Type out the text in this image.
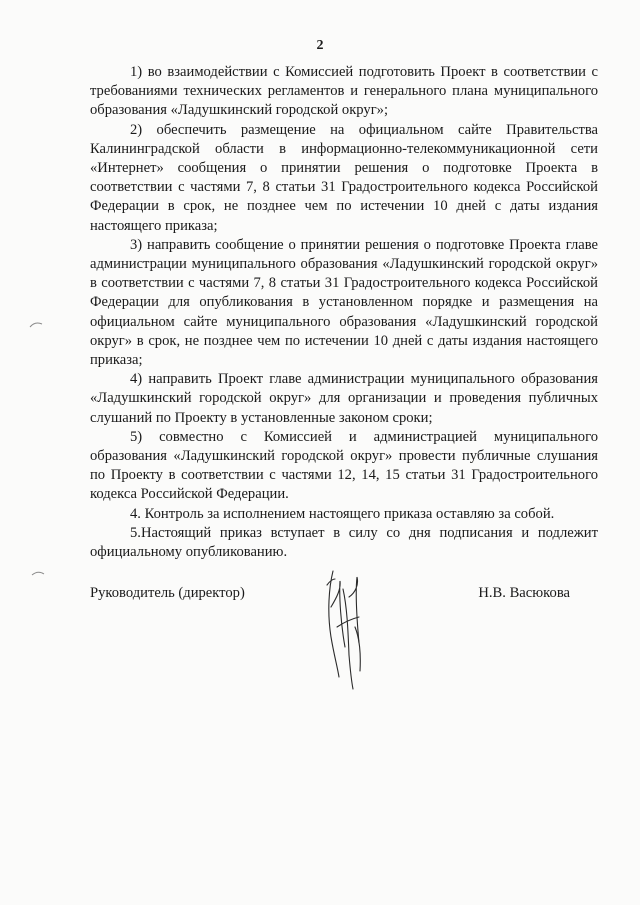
2

1) во взаимодействии с Комиссией подготовить Проект в соответствии с требованиями технических регламентов и генерального плана муниципального образования «Ладушкинский городской округ»;

2) обеспечить размещение на официальном сайте Правительства Калининградской области в информационно-телекоммуникационной сети «Интернет» сообщения о принятии решения о подготовке Проекта в соответствии с частями 7, 8 статьи 31 Градостроительного кодекса Российской Федерации в срок, не позднее чем по истечении 10 дней с даты издания настоящего приказа;

3) направить сообщение о принятии решения о подготовке Проекта главе администрации муниципального образования «Ладушкинский городской округ» в соответствии с частями 7, 8 статьи 31 Градостроительного кодекса Российской Федерации для опубликования в установленном порядке и размещения на официальном сайте муниципального образования «Ладушкинский городской округ» в срок, не позднее чем по истечении 10 дней с даты издания настоящего приказа;

4) направить Проект главе администрации муниципального образования «Ладушкинский городской округ» для организации и проведения публичных слушаний по Проекту в установленные законом сроки;

5) совместно с Комиссией и администрацией муниципального образования «Ладушкинский городской округ» провести публичные слушания по Проекту в соответствии с частями 12, 14, 15 статьи 31 Градостроительного кодекса Российской Федерации.

4. Контроль за исполнением настоящего приказа оставляю за собой.

5.Настоящий приказ вступает в силу со дня подписания и подлежит официальному опубликованию.

Руководитель (директор)	Н.В. Васюкова
